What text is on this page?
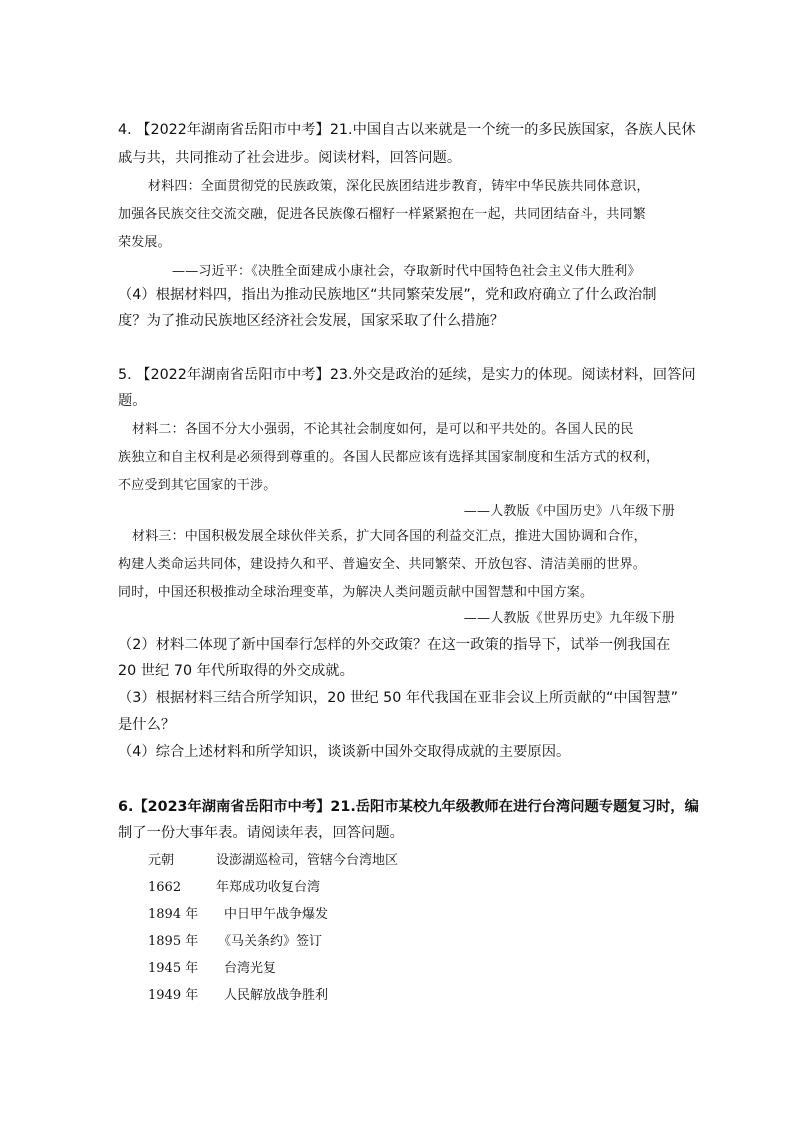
4. 【2022年湖南省岳阳市中考】21.中国自古以来就是一个统一的多民族国家，各族人民休
戚与共，共同推动了社会进步。阅读材料，回答问题。
材料四：全面贯彻党的民族政策，深化民族团结进步教育，铸牢中华民族共同体意识，
加强各民族交往交流交融，促进各民族像石榴籽一样紧紧抱在一起，共同团结奋斗，共同繁
荣发展。
——习近平：《决胜全面建成小康社会，夺取新时代中国特色社会主义伟大胜利》
（4）根据材料四，指出为推动民族地区“共同繁荣发展”，党和政府确立了什么政治制
度？为了推动民族地区经济社会发展，国家采取了什么措施？
5. 【2022年湖南省岳阳市中考】23.外交是政治的延续，是实力的体现。阅读材料，回答问
题。
材料二：各国不分大小强弱，不论其社会制度如何，是可以和平共处的。各国人民的民
族独立和自主权利是必须得到尊重的。各国人民都应该有选择其国家制度和生活方式的权利，
不应受到其它国家的干涉。
——人教版《中国历史》八年级下册
材料三：中国积极发展全球伙伴关系，扩大同各国的利益交汇点，推进大国协调和合作，
构建人类命运共同体，建设持久和平、普遍安全、共同繁荣、开放包容、清洁美丽的世界。
同时，中国还积极推动全球治理变革，为解决人类问题贡献中国智慧和中国方案。
——人教版《世界历史》九年级下册
（2）材料二体现了新中国奉行怎样的外交政策？在这一政策的指导下，试举一例我国在
20 世纪 70 年代所取得的外交成就。
（3）根据材料三结合所学知识，20 世纪 50 年代我国在亚非会议上所贡献的“中国智慧”
是什么？
（4）综合上述材料和所学知识，谈谈新中国外交取得成就的主要原因。
6.【2023年湖南省岳阳市中考】21.岳阳市某校九年级教师在进行台湾问题专题复习时，编
制了一份大事年表。请阅读年表，回答问题。
元朝	设澎湖巡检司，管辖今台湾地区
1662	年郑成功收复台湾
1894 年 中日甲午战争爆发
1895 年 《马关条约》签订
1945 年 台湾光复
1949 年 人民解放战争胜利
